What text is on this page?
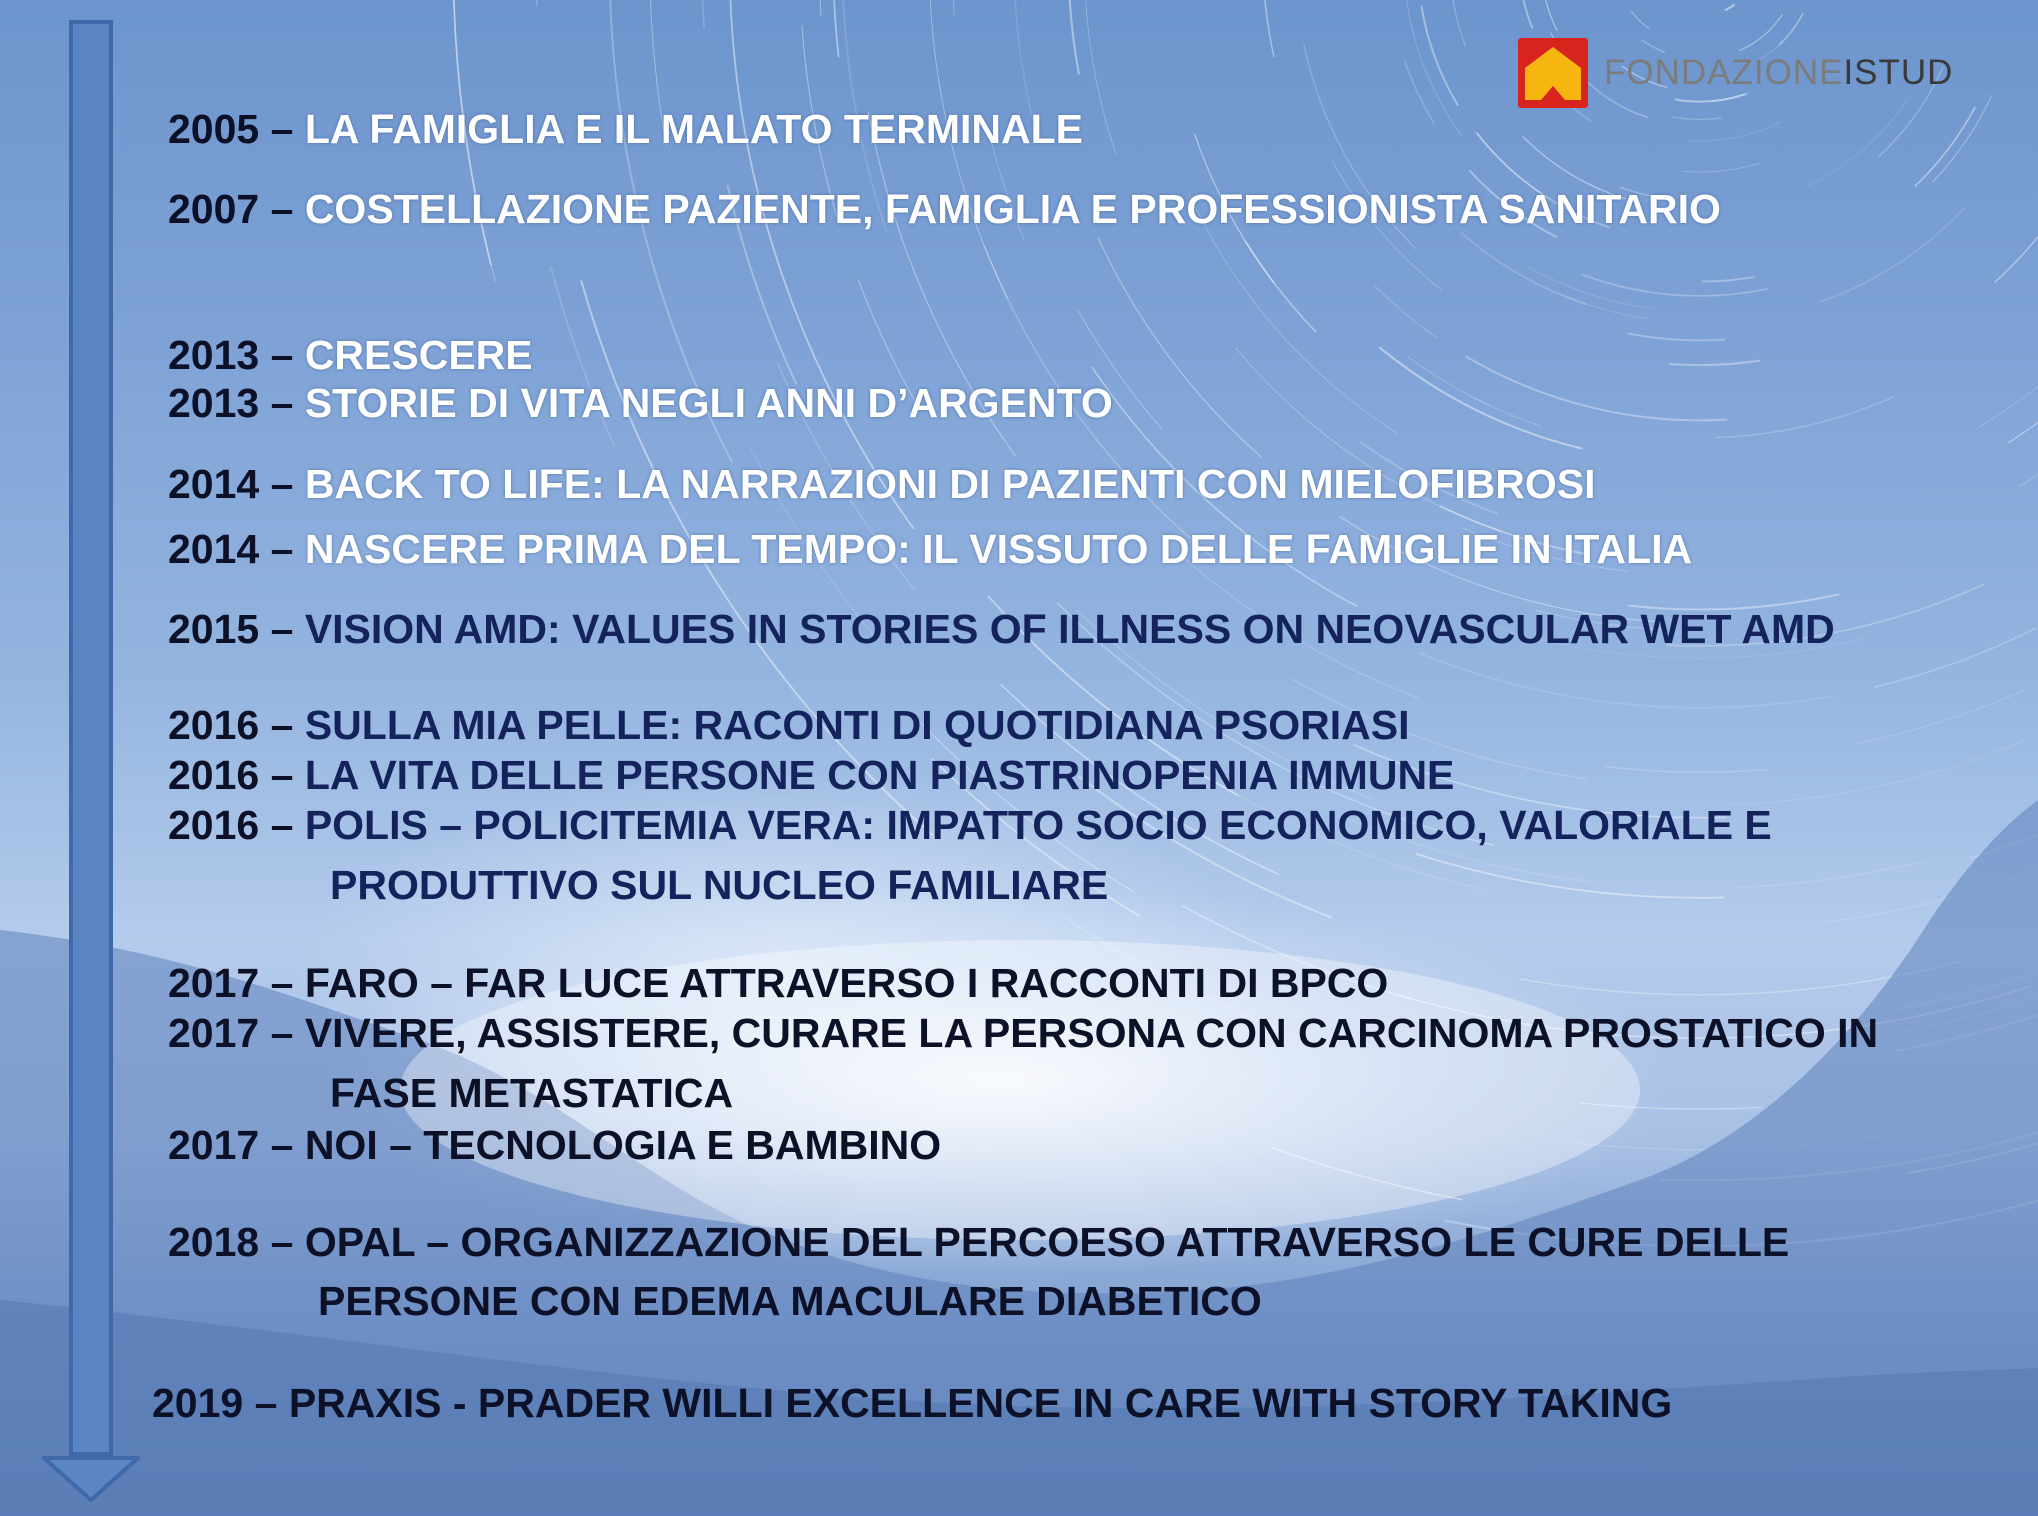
FONDAZIONEISTUD
2005 – LA FAMIGLIA E IL MALATO TERMINALE
2007 – COSTELLAZIONE PAZIENTE, FAMIGLIA E PROFESSIONISTA SANITARIO
2013 – CRESCERE
2013 – STORIE DI VITA NEGLI ANNI D’ARGENTO
2014 – BACK TO LIFE: LA NARRAZIONI DI PAZIENTI CON MIELOFIBROSI
2014 – NASCERE PRIMA DEL TEMPO: IL VISSUTO DELLE FAMIGLIE IN ITALIA
2015 – VISION AMD: VALUES IN STORIES OF ILLNESS ON NEOVASCULAR WET AMD
2016 – SULLA MIA PELLE: RACONTI DI QUOTIDIANA PSORIASI
2016 – LA VITA DELLE PERSONE CON PIASTRINOPENIA IMMUNE
2016 – POLIS – POLICITEMIA VERA: IMPATTO SOCIO ECONOMICO, VALORIALE E
PRODUTTIVO SUL NUCLEO FAMILIARE
2017 – FARO – FAR LUCE ATTRAVERSO I RACCONTI DI BPCO
2017 – VIVERE, ASSISTERE, CURARE LA PERSONA CON CARCINOMA PROSTATICO IN
FASE METASTATICA
2017 – NOI – TECNOLOGIA E BAMBINO
2018 – OPAL – ORGANIZZAZIONE DEL PERCOESO ATTRAVERSO LE CURE DELLE
PERSONE CON EDEMA MACULARE DIABETICO
2019 – PRAXIS - PRADER WILLI EXCELLENCE IN CARE WITH STORY TAKING
